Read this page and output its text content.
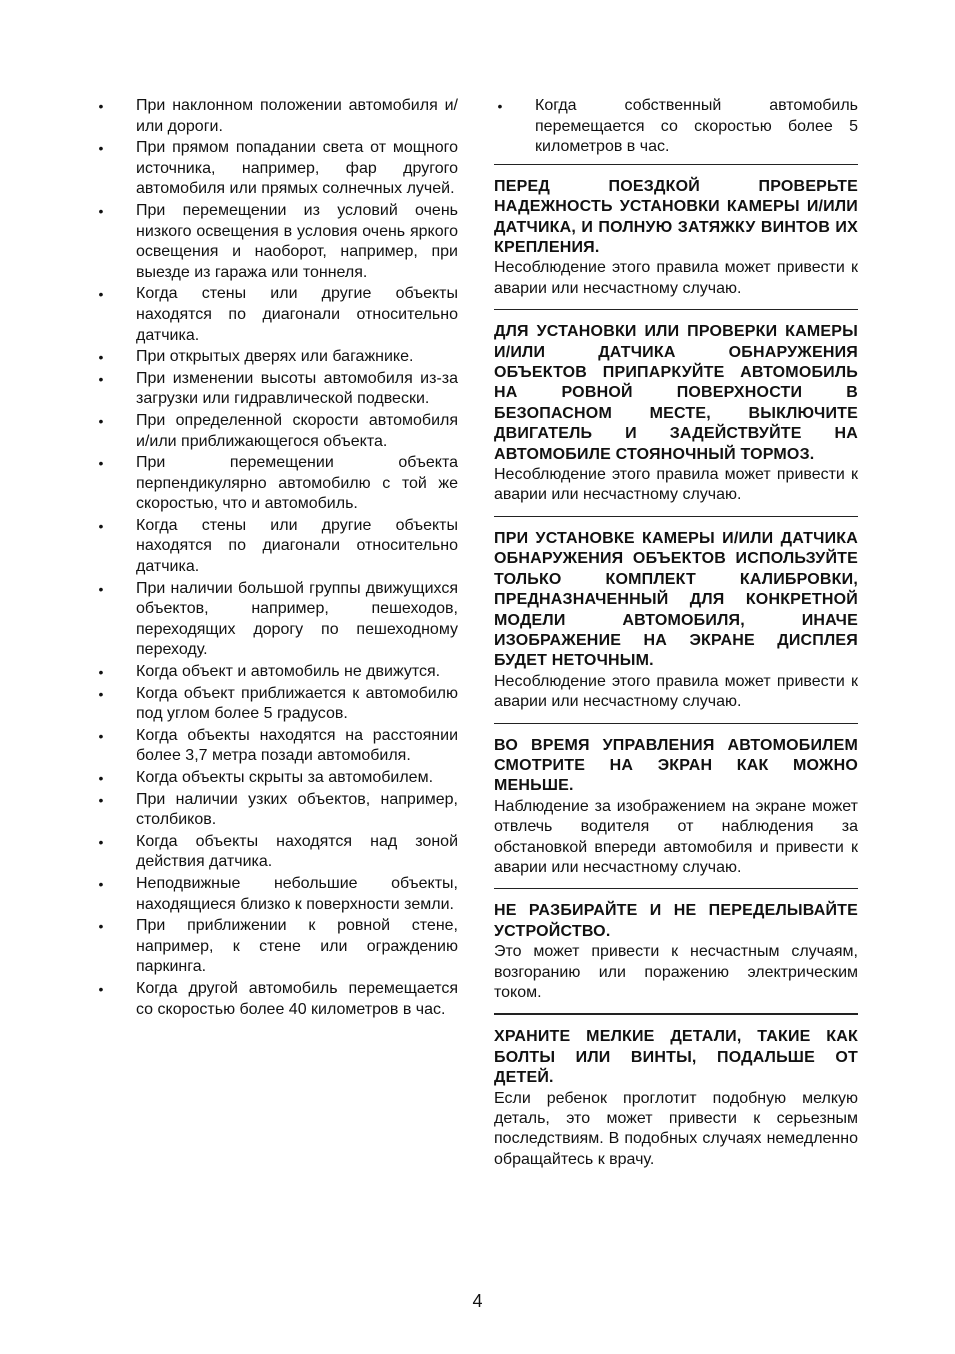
• При наклонном положении автомобиля и/или дороги.
• При прямом попадании света от мощного источника, например, фар другого автомобиля или прямых солнечных лучей.
• При перемещении из условий очень низкого освещения в условия очень яркого освещения и наоборот, например, при выезде из гаража или тоннеля.
• Когда стены или другие объекты находятся по диагонали относительно датчика.
• При открытых дверях или багажнике.
• При изменении высоты автомобиля из-за загрузки или гидравлической подвески.
• При определенной скорости автомобиля и/или приближающегося объекта.
• При перемещении объекта перпендикулярно автомобилю с той же скоростью, что и автомобиль.
• Когда стены или другие объекты находятся по диагонали относительно датчика.
• При наличии большой группы движущихся объектов, например, пешеходов, переходящих дорогу по пешеходному переходу.
• Когда объект и автомобиль не движутся.
• Когда объект приближается к автомобилю под углом более 5 градусов.
• Когда объекты находятся на расстоянии более 3,7 метра позади автомобиля.
• Когда объекты скрыты за автомобилем.
• При наличии узких объектов, например, столбиков.
• Когда объекты находятся над зоной действия датчика.
• Неподвижные небольшие объекты, находящиеся близко к поверхности земли.
• При приближении к ровной стене, например, к стене или ограждению паркинга.
• Когда другой автомобиль перемещается со скоростью более 40 километров в час.
• Когда собственный автомобиль перемещается со скоростью более 5 километров в час.
ПЕРЕД ПОЕЗДКОЙ ПРОВЕРЬТЕ НАДЕЖНОСТЬ УСТАНОВКИ КАМЕРЫ И/ИЛИ ДАТЧИКА, И ПОЛНУЮ ЗАТЯЖКУ ВИНТОВ ИХ КРЕПЛЕНИЯ.
Несоблюдение этого правила может привести к аварии или несчастному случаю.
ДЛЯ УСТАНОВКИ ИЛИ ПРОВЕРКИ КАМЕРЫ И/ИЛИ ДАТЧИКА ОБНАРУЖЕНИЯ ОБЪЕКТОВ ПРИПАРКУЙТЕ АВТОМОБИЛЬ НА РОВНОЙ ПОВЕРХНОСТИ В БЕЗОПАСНОМ МЕСТЕ, ВЫКЛЮЧИТЕ ДВИГАТЕЛЬ И ЗАДЕЙСТВУЙТЕ НА АВТОМОБИЛЕ СТОЯНОЧНЫЙ ТОРМОЗ.
Несоблюдение этого правила может привести к аварии или несчастному случаю.
ПРИ УСТАНОВКЕ КАМЕРЫ И/ИЛИ ДАТЧИКА ОБНАРУЖЕНИЯ ОБЪЕКТОВ ИСПОЛЬЗУЙТЕ ТОЛЬКО КОМПЛЕКТ КАЛИБРОВКИ, ПРЕДНАЗНАЧЕННЫЙ ДЛЯ КОНКРЕТНОЙ МОДЕЛИ АВТОМОБИЛЯ, ИНАЧЕ ИЗОБРАЖЕНИЕ НА ЭКРАНЕ ДИСПЛЕЯ БУДЕТ НЕТОЧНЫМ.
Несоблюдение этого правила может привести к аварии или несчастному случаю.
ВО ВРЕМЯ УПРАВЛЕНИЯ АВТОМОБИЛЕМ СМОТРИТЕ НА ЭКРАН КАК МОЖНО МЕНЬШЕ.
Наблюдение за изображением на экране может отвлечь водителя от наблюдения за обстановкой впереди автомобиля и привести к аварии или несчастному случаю.
НЕ РАЗБИРАЙТЕ И НЕ ПЕРЕДЕЛЫВАЙТЕ УСТРОЙСТВО.
Это может привести к несчастным случаям, возгоранию или поражению электрическим током.
ХРАНИТЕ МЕЛКИЕ ДЕТАЛИ, ТАКИЕ КАК БОЛТЫ ИЛИ ВИНТЫ, ПОДАЛЬШЕ ОТ ДЕТЕЙ.
Если ребенок проглотит подобную мелкую деталь, это может привести к серьезным последствиям. В подобных случаях немедленно обращайтесь к врачу.
4
